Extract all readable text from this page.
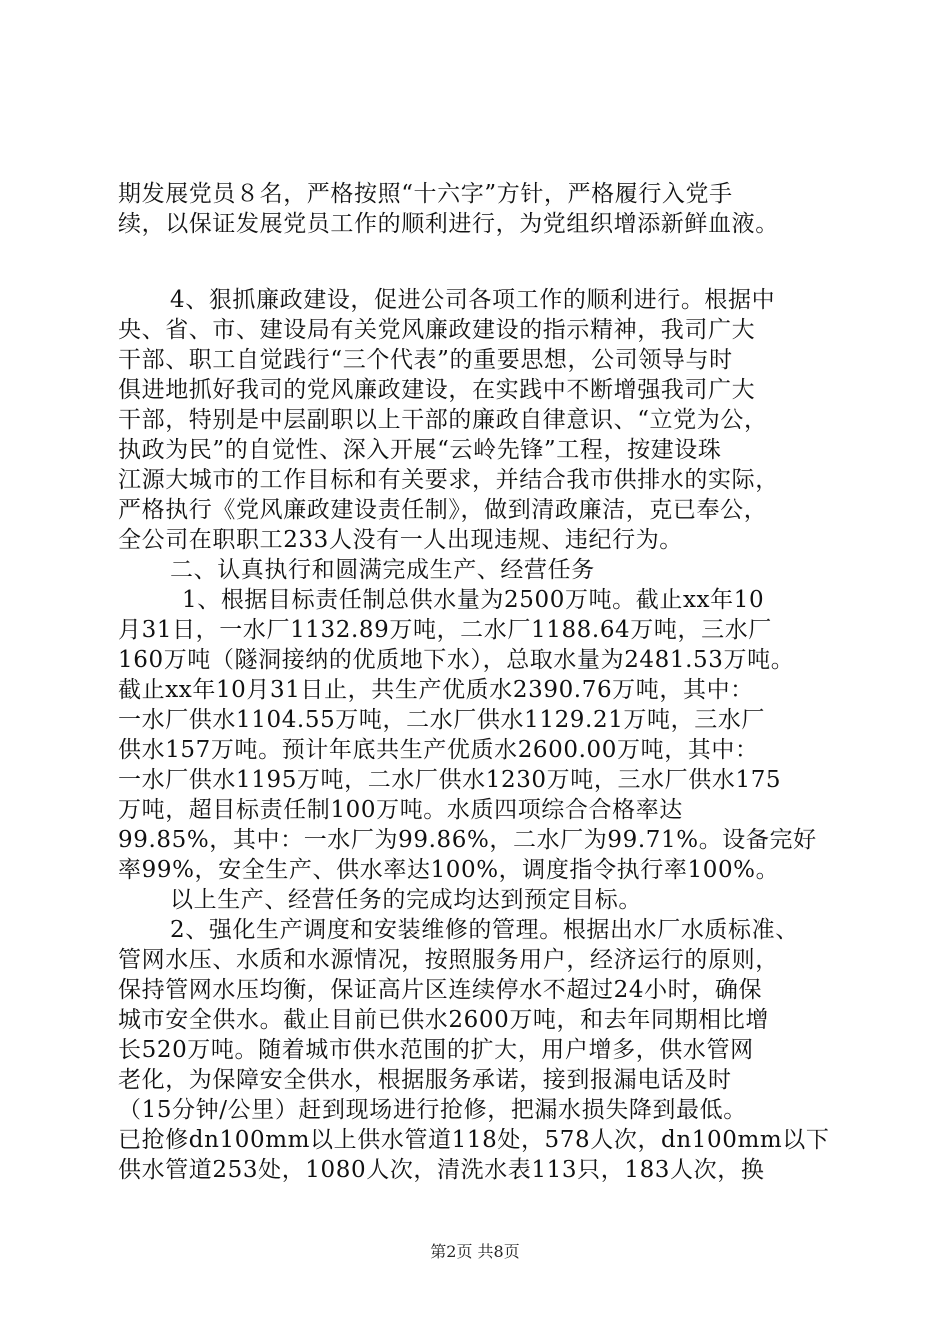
期发展党员８名，严格按照“十六字”方针，严格履行入党手
续，以保证发展党员工作的顺利进行，为党组织增添新鲜血液。
4、狠抓廉政建设，促进公司各项工作的顺利进行。根据中
央、省、市、建设局有关党风廉政建设的指示精神，我司广大
干部、职工自觉践行“三个代表”的重要思想，公司领导与时
俱进地抓好我司的党风廉政建设，在实践中不断增强我司广大
干部，特别是中层副职以上干部的廉政自律意识、“立党为公，
执政为民”的自觉性、深入开展“云岭先锋”工程，按建设珠
江源大城市的工作目标和有关要求，并结合我市供排水的实际，
严格执行《党风廉政建设责任制》，做到清政廉洁，克已奉公，
全公司在职职工233人没有一人出现违规、违纪行为。
二、认真执行和圆满完成生产、经营任务
1、根据目标责任制总供水量为2500万吨。截止xx年10
月31日，一水厂1132.89万吨，二水厂1188.64万吨，三水厂
160万吨（隧洞接纳的优质地下水），总取水量为2481.53万吨。
截止xx年10月31日止，共生产优质水2390.76万吨，其中：
一水厂供水1104.55万吨，二水厂供水1129.21万吨，三水厂
供水157万吨。预计年底共生产优质水2600.00万吨，其中：
一水厂供水1195万吨，二水厂供水1230万吨，三水厂供水175
万吨，超目标责任制100万吨。水质四项综合合格率达
99.85%，其中：一水厂为99.86%，二水厂为99.71%。设备完好
率99%，安全生产、供水率达100%，调度指令执行率100%。
以上生产、经营任务的完成均达到预定目标。
2、强化生产调度和安装维修的管理。根据出水厂水质标准、
管网水压、水质和水源情况，按照服务用户，经济运行的原则，
保持管网水压均衡，保证高片区连续停水不超过24小时，确保
城市安全供水。截止目前已供水2600万吨，和去年同期相比增
长520万吨。随着城市供水范围的扩大，用户增多，供水管网
老化，为保障安全供水，根据服务承诺，接到报漏电话及时
（15分钟/公里）赶到现场进行抢修，把漏水损失降到最低。
已抢修dn100mm以上供水管道118处，578人次，dn100mm以下
供水管道253处，1080人次，清洗水表113只，183人次，换
第2页 共8页
